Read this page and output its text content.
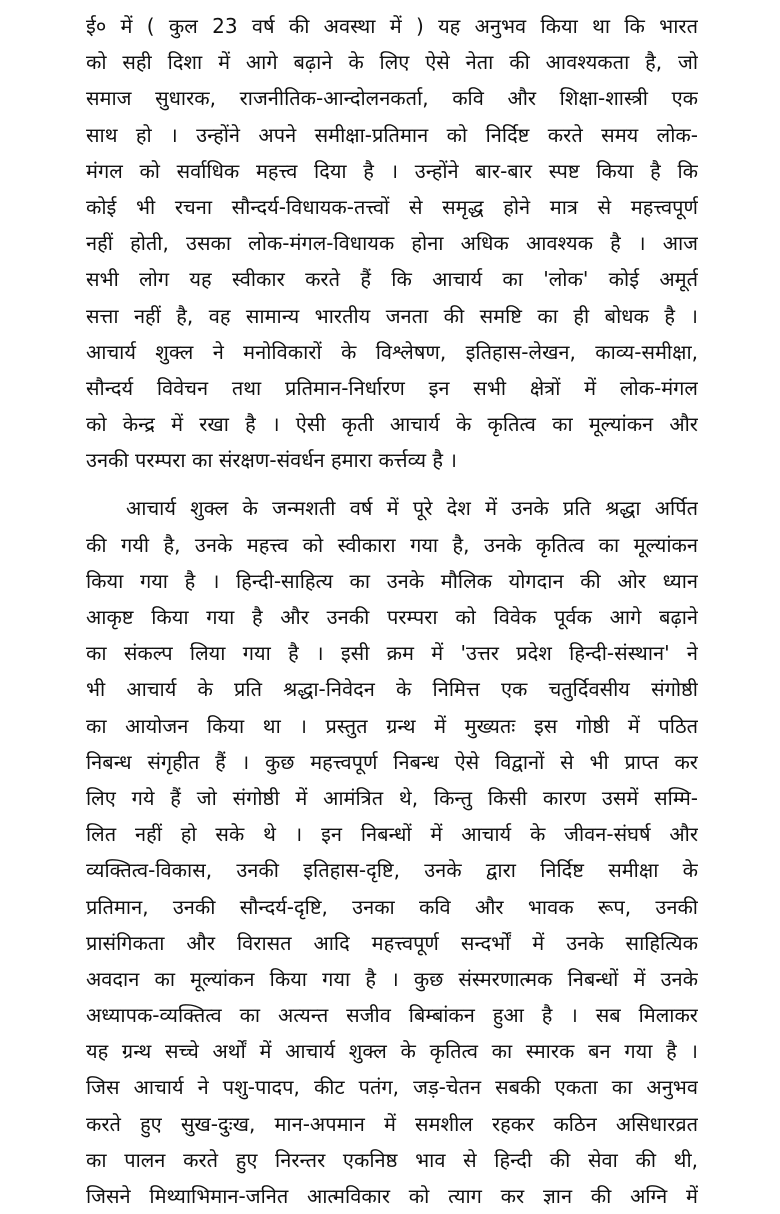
ई० में ( कुल 23 वर्ष की अवस्था में ) यह अनुभव किया था कि भारत
को सही दिशा में आगे बढ़ाने के लिए ऐसे नेता की आवश्यकता है, जो
समाज सुधारक, राजनीतिक-आन्दोलनकर्ता, कवि और शिक्षा-शास्त्री एक
साथ हो । उन्होंने अपने समीक्षा-प्रतिमान को निर्दिष्ट करते समय लोक-
मंगल को सर्वाधिक महत्त्व दिया है । उन्होंने बार-बार स्पष्ट किया है कि
कोई भी रचना सौन्दर्य-विधायक-तत्त्वों से समृद्ध होने मात्र से महत्त्वपूर्ण
नहीं होती, उसका लोक-मंगल-विधायक होना अधिक आवश्यक है । आज
सभी लोग यह स्वीकार करते हैं कि आचार्य का 'लोक' कोई अमूर्त
सत्ता नहीं है, वह सामान्य भारतीय जनता की समष्टि का ही बोधक है ।
आचार्य शुक्ल ने मनोविकारों के विश्लेषण, इतिहास-लेखन, काव्य-समीक्षा,
सौन्दर्य विवेचन तथा प्रतिमान-निर्धारण इन सभी क्षेत्रों में लोक-मंगल
को केन्द्र में रखा है । ऐसी कृती आचार्य के कृतित्व का मूल्यांकन और
उनकी परम्परा का संरक्षण-संवर्धन हमारा कर्त्तव्य है ।
आचार्य शुक्ल के जन्मशती वर्ष में पूरे देश में उनके प्रति श्रद्धा अर्पित
की गयी है, उनके महत्त्व को स्वीकारा गया है, उनके कृतित्व का मूल्यांकन
किया गया है । हिन्दी-साहित्य का उनके मौलिक योगदान की ओर ध्यान
आकृष्ट किया गया है और उनकी परम्परा को विवेक पूर्वक आगे बढ़ाने
का संकल्प लिया गया है । इसी क्रम में 'उत्तर प्रदेश हिन्दी-संस्थान' ने
भी आचार्य के प्रति श्रद्धा-निवेदन के निमित्त एक चतुर्दिवसीय संगोष्ठी
का आयोजन किया था । प्रस्तुत ग्रन्थ में मुख्यतः इस गोष्ठी में पठित
निबन्ध संगृहीत हैं । कुछ महत्त्वपूर्ण निबन्ध ऐसे विद्वानों से भी प्राप्त कर
लिए गये हैं जो संगोष्ठी में आमंत्रित थे, किन्तु किसी कारण उसमें सम्मि-
लित नहीं हो सके थे । इन निबन्धों में आचार्य के जीवन-संघर्ष और
व्यक्तित्व-विकास, उनकी इतिहास-दृष्टि, उनके द्वारा निर्दिष्ट समीक्षा के
प्रतिमान, उनकी सौन्दर्य-दृष्टि, उनका कवि और भावक रूप, उनकी
प्रासंगिकता और विरासत आदि महत्त्वपूर्ण सन्दर्भों में उनके साहित्यिक
अवदान का मूल्यांकन किया गया है । कुछ संस्मरणात्मक निबन्धों में उनके
अध्यापक-व्यक्तित्व का अत्यन्त सजीव बिम्बांकन हुआ है । सब मिलाकर
यह ग्रन्थ सच्चे अर्थों में आचार्य शुक्ल के कृतित्व का स्मारक बन गया है ।
जिस आचार्य ने पशु-पादप, कीट पतंग, जड़-चेतन सबकी एकता का अनुभव
करते हुए सुख-दुःख, मान-अपमान में समशील रहकर कठिन असिधारव्रत
का पालन करते हुए निरन्तर एकनिष्ठ भाव से हिन्दी की सेवा की थी,
जिसने मिथ्याभिमान-जनित आत्मविकार को त्याग कर ज्ञान की अग्नि में
